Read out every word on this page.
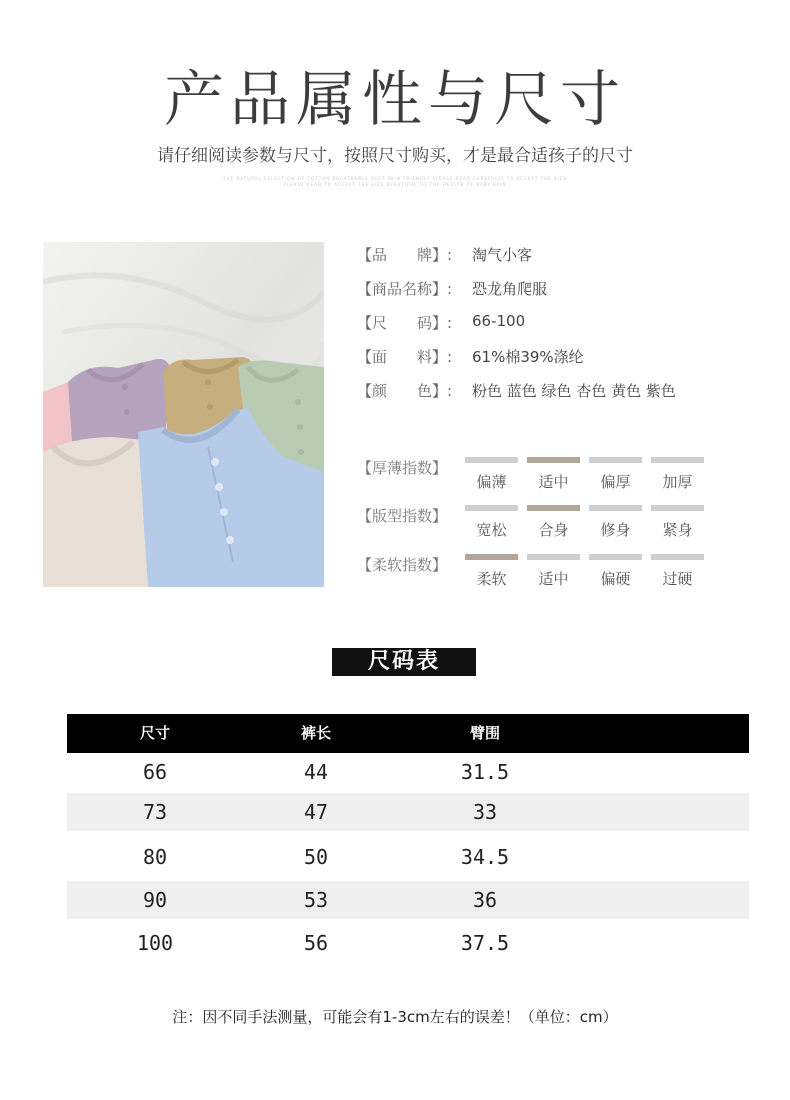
产品属性与尺寸
请仔细阅读参数与尺寸，按照尺寸购买，才是最合适孩子的尺寸
THE NATURAL SELECTION OF COTTON BREATHABLE SOFT SKIN FRIENDLY PLEASE READ CAREFULLY TO ACCEPT THE SIZE
PLEASE READ TO ACCEPT THE SIZE BEAUTIFUL TO THE HEALTH OF BABY SKIN
【品　　牌】: 淘气小客
【商品名称】: 恐龙角爬服
【尺　　码】: 66-100
【面　　料】: 61%棉39%涤纶
【颜　　色】: 粉色 蓝色 绿色 杏色 黄色 紫色
【厚薄指数】
偏薄	适中	偏厚	加厚
【版型指数】
宽松	合身	修身	紧身
【柔软指数】
柔软	适中	偏硬	过硬
尺码表
尺寸	裤长	臂围
66	44	31.5
73	47	33
80	50	34.5
90	53	36
100	56	37.5
注：因不同手法测量，可能会有1-3cm左右的误差！（单位：cm）
